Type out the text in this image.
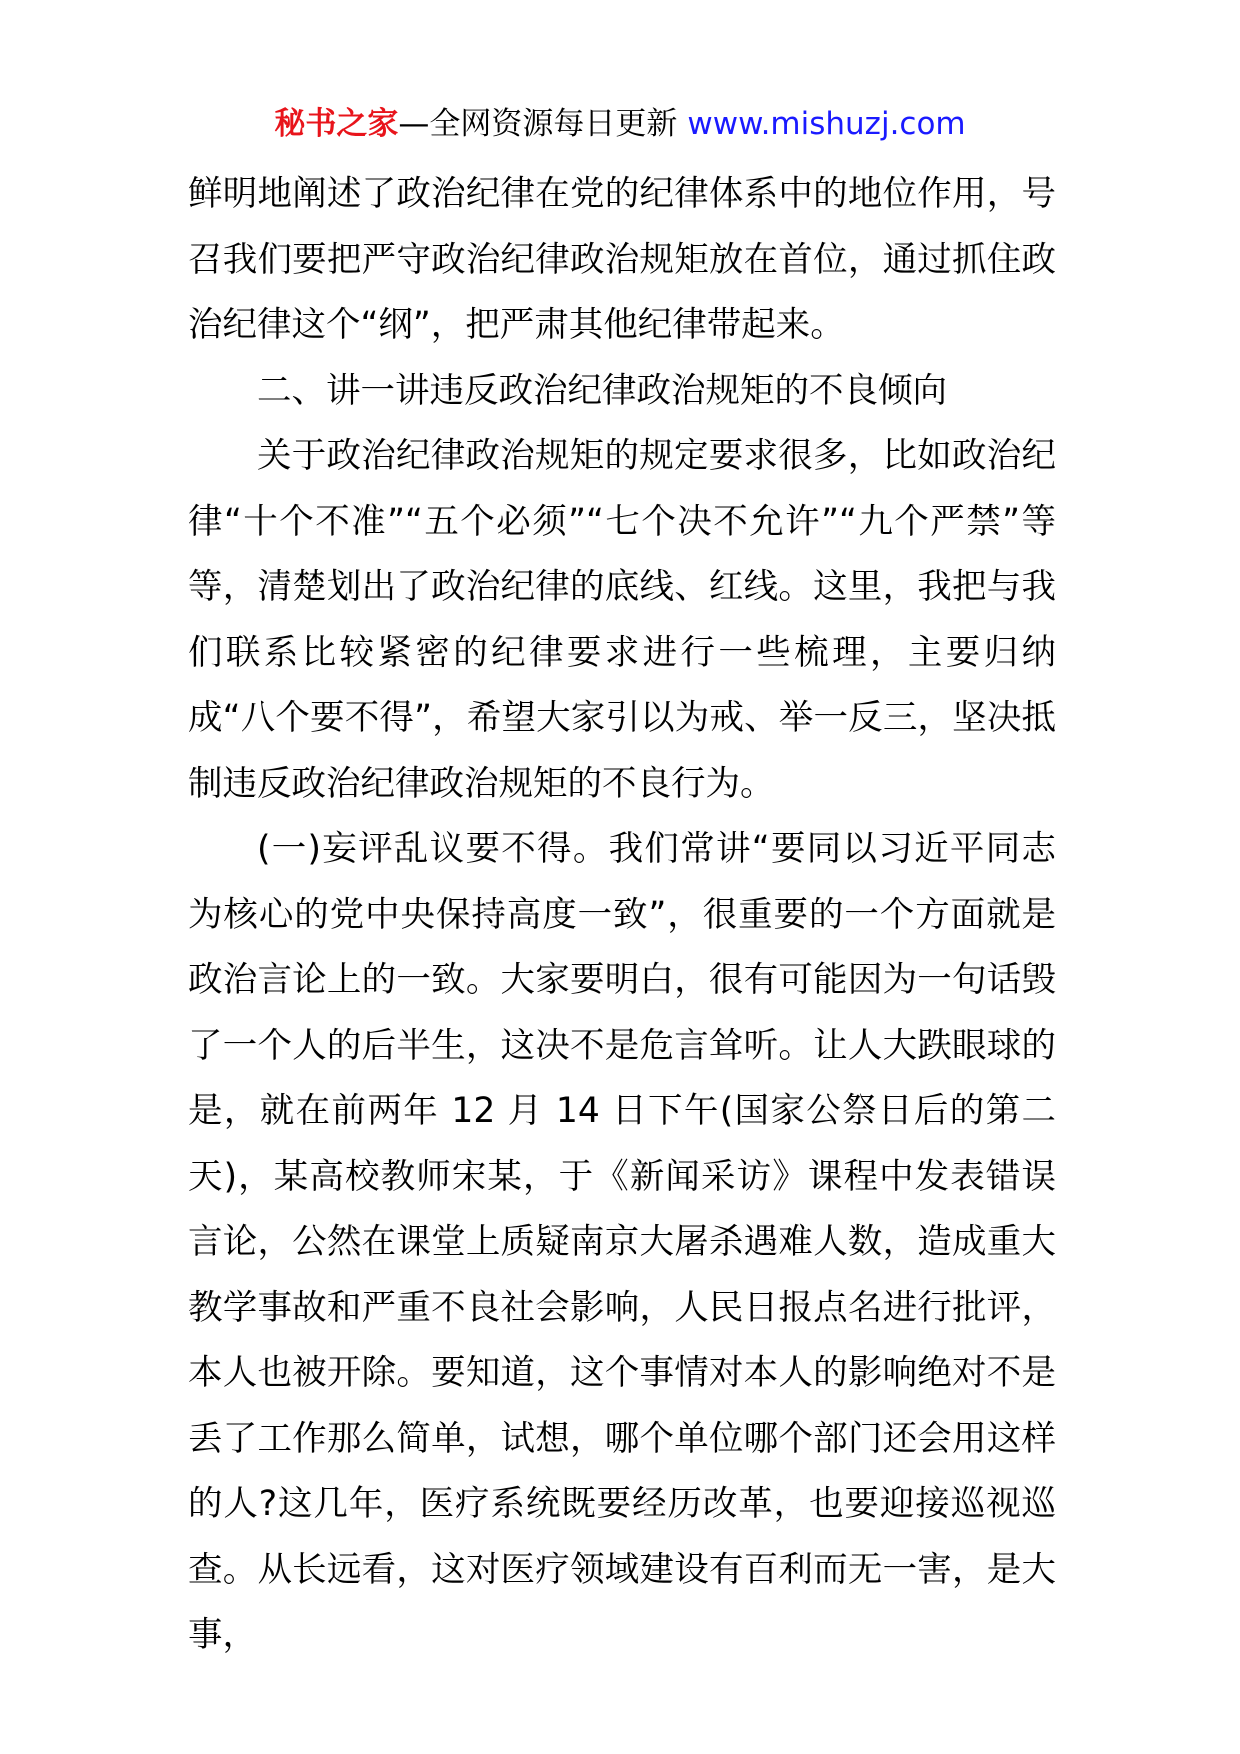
秘书之家—全网资源每日更新 www.mishuzj.com

鲜明地阐述了政治纪律在党的纪律体系中的地位作用，号召我们要把严守政治纪律政治规矩放在首位，通过抓住政治纪律这个“纲”，把严肃其他纪律带起来。

二、讲一讲违反政治纪律政治规矩的不良倾向

关于政治纪律政治规矩的规定要求很多，比如政治纪律“十个不准”“五个必须”“七个决不允许”“九个严禁”等等，清楚划出了政治纪律的底线、红线。这里，我把与我们联系比较紧密的纪律要求进行一些梳理，主要归纳成“八个要不得”，希望大家引以为戒、举一反三，坚决抵制违反政治纪律政治规矩的不良行为。

(一)妄评乱议要不得。我们常讲“要同以习近平同志为核心的党中央保持高度一致”，很重要的一个方面就是政治言论上的一致。大家要明白，很有可能因为一句话毁了一个人的后半生，这决不是危言耸听。让人大跌眼球的是，就在前两年 12 月 14 日下午(国家公祭日后的第二天)，某高校教师宋某，于《新闻采访》课程中发表错误言论，公然在课堂上质疑南京大屠杀遇难人数，造成重大教学事故和严重不良社会影响，人民日报点名进行批评，本人也被开除。要知道，这个事情对本人的影响绝对不是丢了工作那么简单，试想，哪个单位哪个部门还会用这样的人?这几年，医疗系统既要经历改革，也要迎接巡视巡查。从长远看，这对医疗领域建设有百利而无一害，是大事，
